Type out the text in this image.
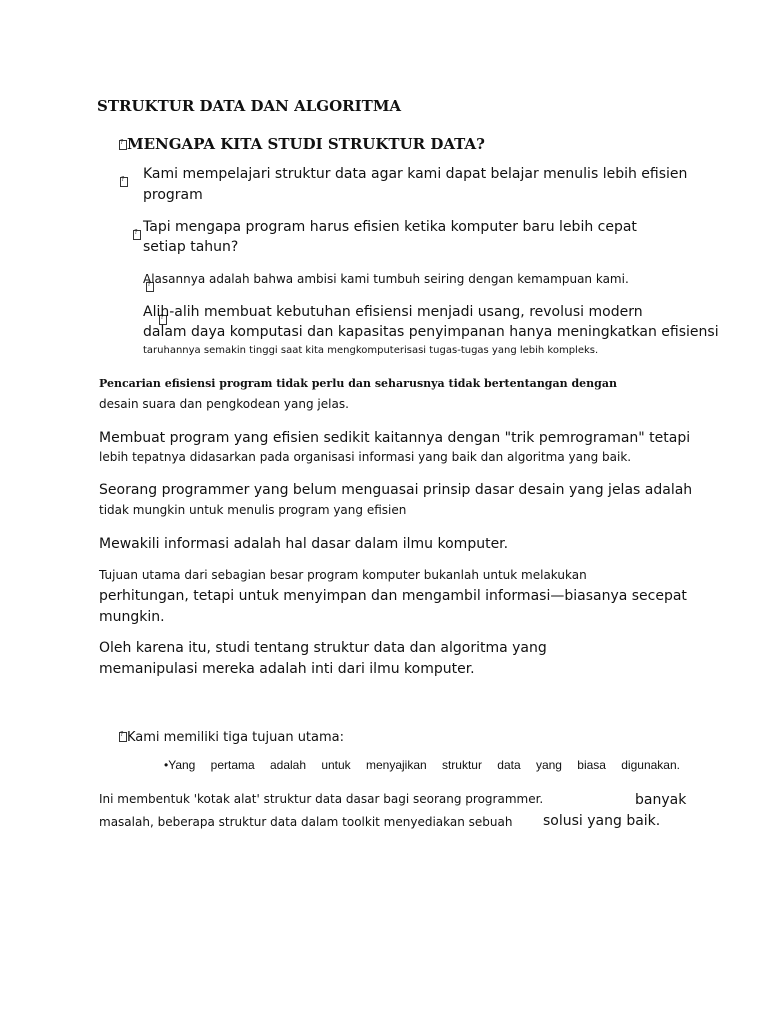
STRUKTUR DATA DAN ALGORITMA
?MENGAPA KITA STUDI STRUKTUR DATA?
?

Kami mempelajari struktur data agar kami dapat belajar menulis lebih efisien

program

?

Tapi mengapa program harus efisien ketika komputer baru lebih cepat

setiap tahun?

?

Alasannya adalah bahwa ambisi kami tumbuh seiring dengan kemampuan kami.

?

Alih-alih membuat kebutuhan efisiensi menjadi usang, revolusi modern

dalam daya komputasi dan kapasitas penyimpanan hanya meningkatkan efisiensi

taruhannya semakin tinggi saat kita mengkomputerisasi tugas-tugas yang lebih kompleks.

Pencarian efisiensi program tidak perlu dan seharusnya tidak bertentangan dengan

desain suara dan pengkodean yang jelas.

Membuat program yang efisien sedikit kaitannya dengan "trik pemrograman" tetapi

lebih tepatnya didasarkan pada organisasi informasi yang baik dan algoritma yang baik.

Seorang programmer yang belum menguasai prinsip dasar desain yang jelas adalah

tidak mungkin untuk menulis program yang efisien

Mewakili informasi adalah hal dasar dalam ilmu komputer.

Tujuan utama dari sebagian besar program komputer bukanlah untuk melakukan

perhitungan, tetapi untuk menyimpan dan mengambil informasi—biasanya secepat

mungkin.

Oleh karena itu, studi tentang struktur data dan algoritma yang

memanipulasi mereka adalah inti dari ilmu komputer.

?Kami memiliki tiga tujuan utama:
•Yang pertama adalah untuk menyajikan struktur data yang biasa digunakan.

Ini membentuk 'kotak alat' struktur data dasar bagi seorang programmer.	banyak

masalah, beberapa struktur data dalam toolkit menyediakan sebuah solusi yang baik.
